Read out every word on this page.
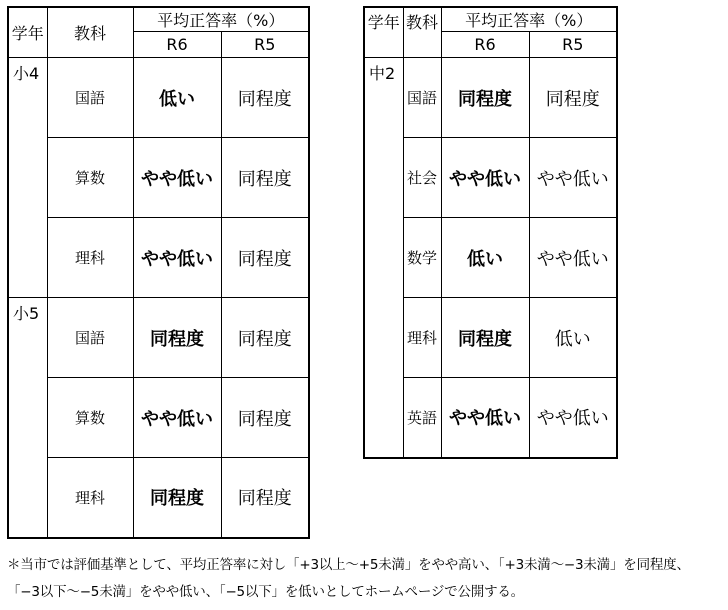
学年	教科	平均正答率（%）	
		R6	R5
小4	国語	低い	同程度
	算数	やや低い	同程度
	理科	やや低い	同程度
小5	国語	同程度	同程度
	算数	やや低い	同程度
	理科	同程度	同程度
学年	教科	平均正答率（%）	
		R6	R5
中2	国語	同程度	同程度
	社会	やや低い	やや低い
	数学	低い	やや低い
	理科	同程度	低い
	英語	やや低い	やや低い
＊当市では評価基準として、平均正答率に対し「+3以上～+5未満」をやや高い、「+3未満～−3未満」を同程度、
「−3以下～−5未満」をやや低い、「−5以下」を低いとしてホームページで公開する。
